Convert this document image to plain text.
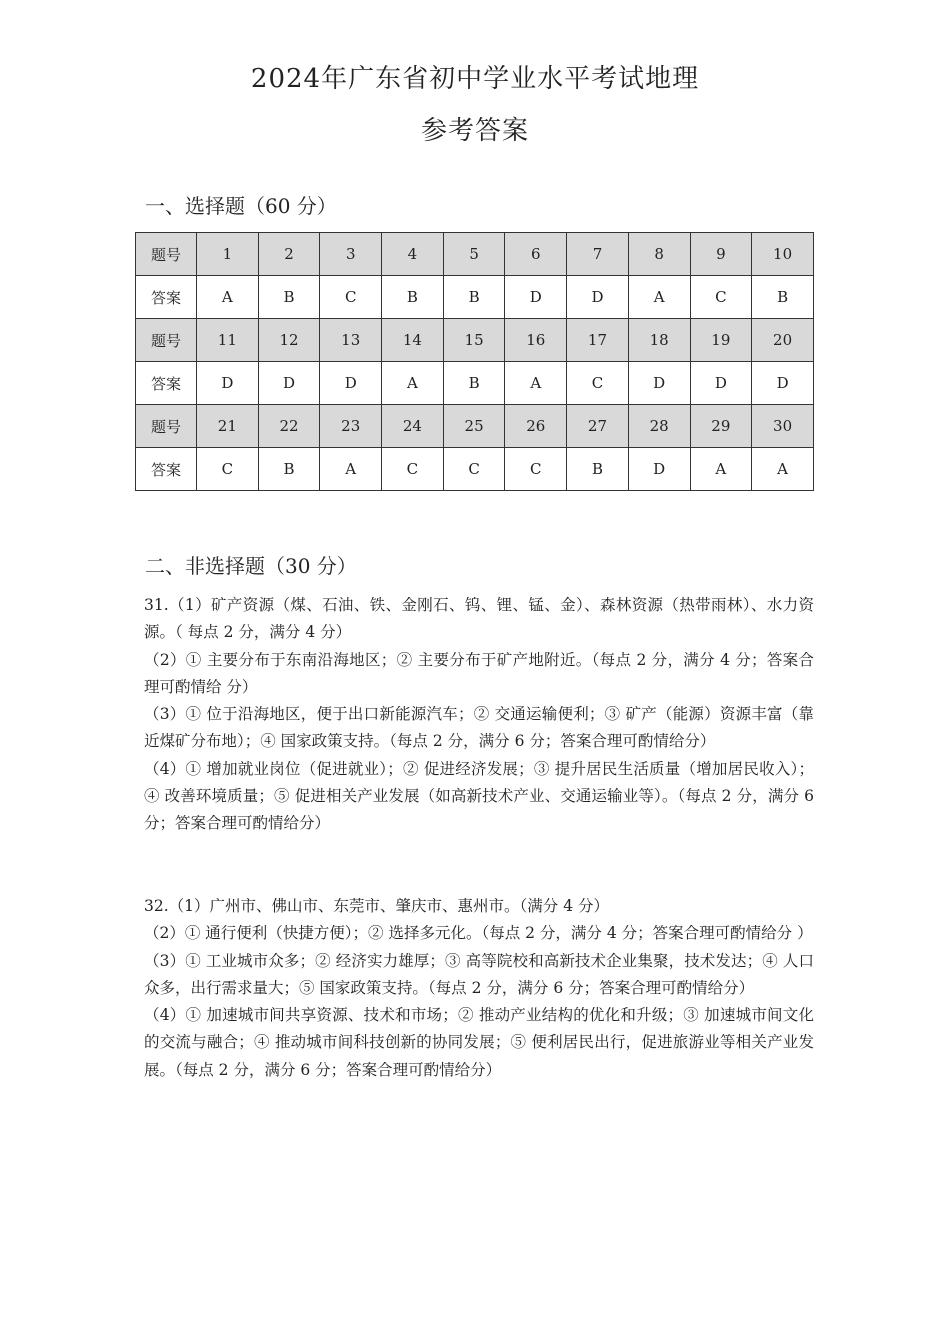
2024年广东省初中学业水平考试地理
参考答案
一、选择题（60 分）
题号	1	2	3	4	5	6	7	8	9	10
答案	A	B	C	B	B	D	D	A	C	B
题号	11	12	13	14	15	16	17	18	19	20
答案	D	D	D	A	B	A	C	D	D	D
题号	21	22	23	24	25	26	27	28	29	30
答案	C	B	A	C	C	C	B	D	A	A
二、非选择题（30 分）

31.（1）矿产资源（煤、石油、铁、金刚石、钨、锂、锰、金）、森林资源（热带雨林）、水力资源。（ 每点 2 分，满分 4 分）

（2）① 主要分布于东南沿海地区；② 主要分布于矿产地附近。（每点 2 分，满分 4 分；答案合理可酌情给 分）

（3）① 位于沿海地区，便于出口新能源汽车；② 交通运输便利；③ 矿产（能源）资源丰富（靠近煤矿分布地）；④ 国家政策支持。（每点 2 分，满分 6 分；答案合理可酌情给分）

（4）① 增加就业岗位（促进就业）；② 促进经济发展；③ 提升居民生活质量（增加居民收入）；④ 改善环境质量；⑤ 促进相关产业发展（如高新技术产业、交通运输业等）。（每点 2 分，满分 6 分；答案合理可酌情给分）

32.（1）广州市、佛山市、东莞市、肇庆市、惠州市。（满分 4 分）

（2）① 通行便利（快捷方便）；② 选择多元化。（每点 2 分，满分 4 分；答案合理可酌情给分 ）

（3）① 工业城市众多；② 经济实力雄厚；③ 高等院校和高新技术企业集聚，技术发达；④ 人口众多，出行需求量大；⑤ 国家政策支持。（每点 2 分，满分 6 分；答案合理可酌情给分）

（4）① 加速城市间共享资源、技术和市场；② 推动产业结构的优化和升级；③ 加速城市间文化的交流与融合；④ 推动城市间科技创新的协同发展；⑤ 便利居民出行，促进旅游业等相关产业发展。（每点 2 分，满分 6 分；答案合理可酌情给分）
